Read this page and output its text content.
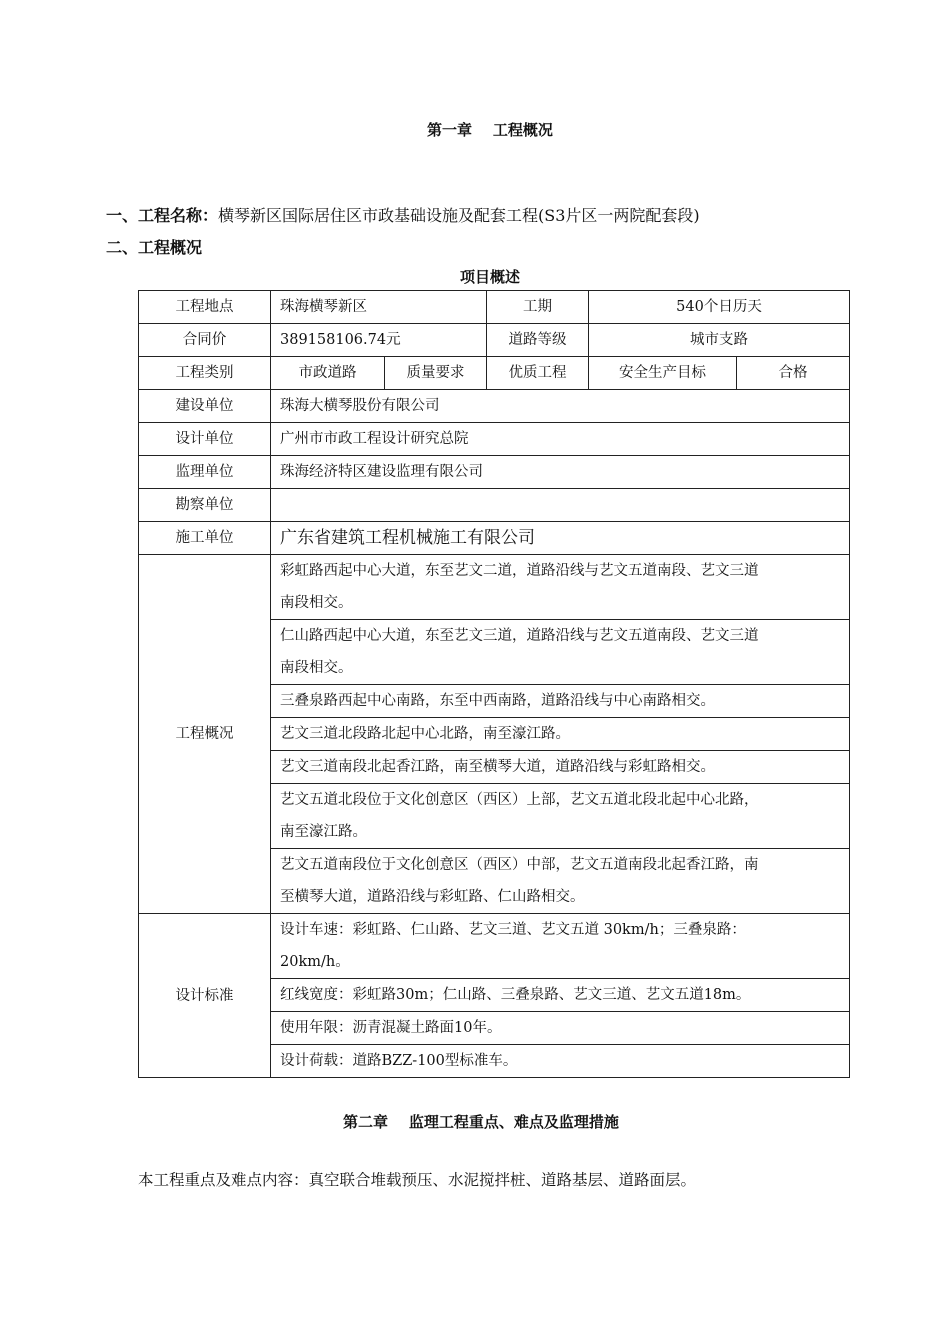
第一章    工程概况
一、工程名称：横琴新区国际居住区市政基础设施及配套工程(S3片区一两院配套段)
二、工程概况
项目概述
工程地点	珠海横琴新区		工期	540个日历天	
合同价	389158106.74元		道路等级	城市支路	
工程类别	市政道路	质量要求	优质工程	安全生产目标	合格
建设单位	珠海大横琴股份有限公司				
设计单位	广州市市政工程设计研究总院				
监理单位	珠海经济特区建设监理有限公司				
勘察单位					
施工单位	广东省建筑工程机械施工有限公司				
工程概况	彩虹路西起中心大道，东至艺文二道，道路沿线与艺文五道南段、艺文三道
南段相交。				
	仁山路西起中心大道，东至艺文三道，道路沿线与艺文五道南段、艺文三道
南段相交。				
	三叠泉路西起中心南路，东至中西南路，道路沿线与中心南路相交。				
	艺文三道北段路北起中心北路，南至濠江路。				
	艺文三道南段北起香江路，南至横琴大道，道路沿线与彩虹路相交。				
	艺文五道北段位于文化创意区（西区）上部，艺文五道北段北起中心北路，
南至濠江路。				
	艺文五道南段位于文化创意区（西区）中部，艺文五道南段北起香江路，南
至横琴大道，道路沿线与彩虹路、仁山路相交。				
设计标准	设计车速：彩虹路、仁山路、艺文三道、艺文五道 30km/h；三叠泉路：
20km/h。				
	红线宽度：彩虹路30m；仁山路、三叠泉路、艺文三道、艺文五道18m。				
	使用年限：沥青混凝土路面10年。				
	设计荷载：道路BZZ-100型标准车。				
第二章    监理工程重点、难点及监理措施
本工程重点及难点内容：真空联合堆载预压、水泥搅拌桩、道路基层、道路面层。
